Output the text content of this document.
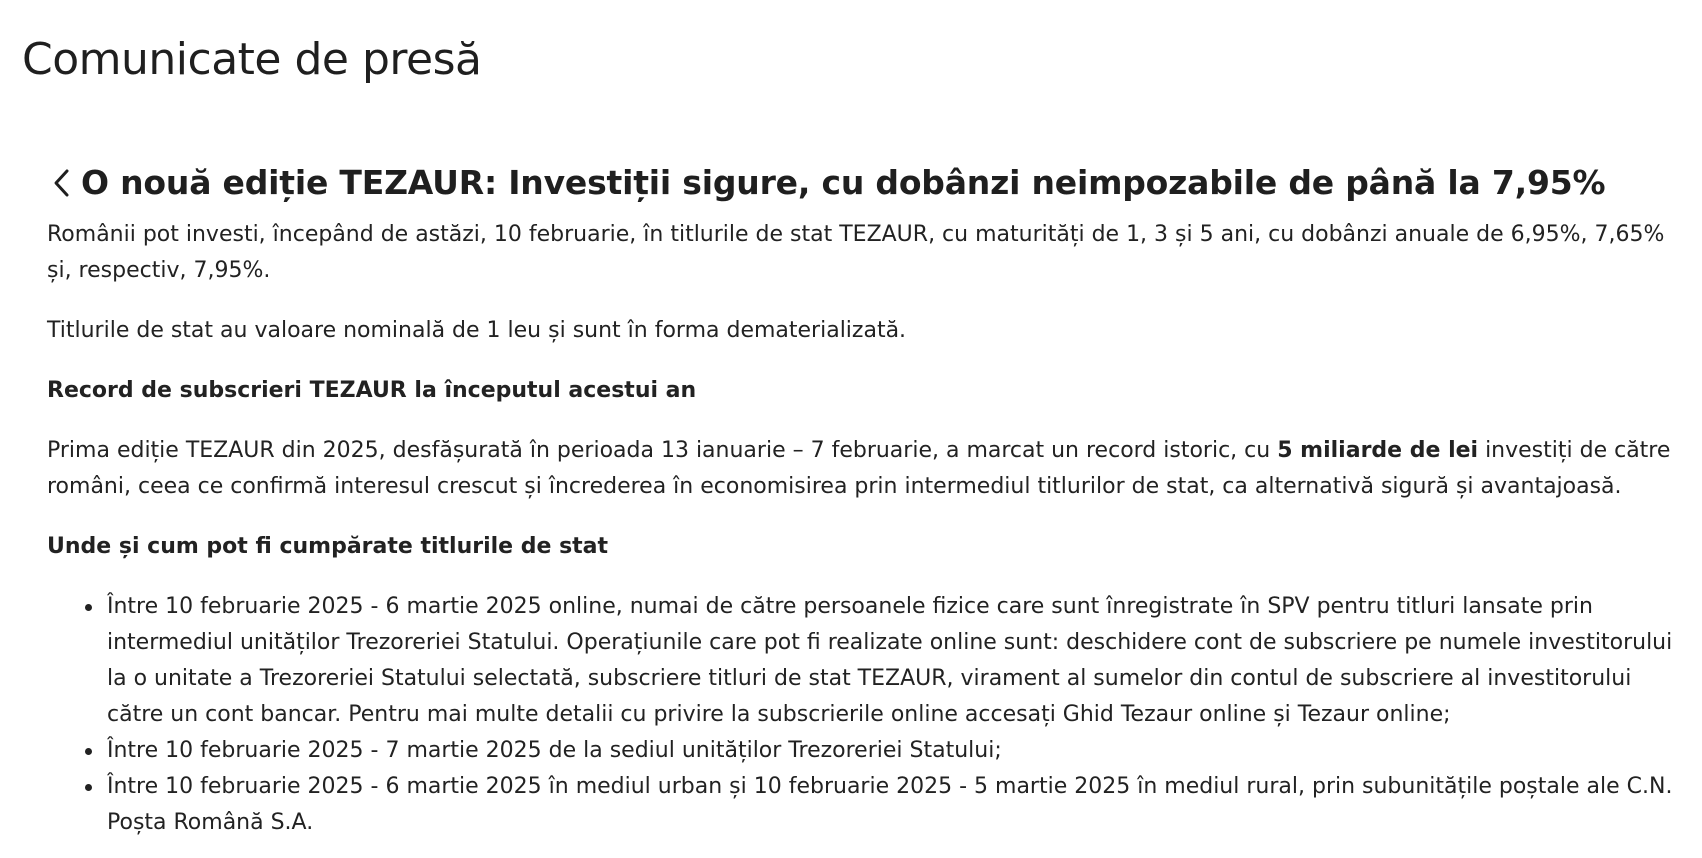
Comunicate de presă
O nouă ediție TEZAUR: Investiții sigure, cu dobânzi neimpozabile de până la 7,95%

Românii pot investi, începând de astăzi, 10 februarie, în titlurile de stat TEZAUR, cu maturități de 1, 3 și 5 ani, cu dobânzi anuale de 6,95%, 7,65% și, respectiv, 7,95%.

Titlurile de stat au valoare nominală de 1 leu și sunt în forma dematerializată.

Record de subscrieri TEZAUR la începutul acestui an

Prima ediție TEZAUR din 2025, desfășurată în perioada 13 ianuarie – 7 februarie, a marcat un record istoric, cu 5 miliarde de lei investiți de către români, ceea ce confirmă interesul crescut și încrederea în economisirea prin intermediul titlurilor de stat, ca alternativă sigură și avantajoasă.

Unde și cum pot fi cumpărate titlurile de stat

Între 10 februarie 2025 - 6 martie 2025 online, numai de către persoanele fizice care sunt înregistrate în SPV pentru titluri lansate prin intermediul unităților Trezoreriei Statului. Operațiunile care pot fi realizate online sunt: deschidere cont de subscriere pe numele investitorului la o unitate a Trezoreriei Statului selectată, subscriere titluri de stat TEZAUR, virament al sumelor din contul de subscriere al investitorului către un cont bancar. Pentru mai multe detalii cu privire la subscrierile online accesați Ghid Tezaur online și Tezaur online;
Între 10 februarie 2025 - 7 martie 2025 de la sediul unităților Trezoreriei Statului;
Între 10 februarie 2025 - 6 martie 2025 în mediul urban și 10 februarie 2025 - 5 martie 2025 în mediul rural, prin subunitățile poștale ale C.N. Poșta Română S.A.
